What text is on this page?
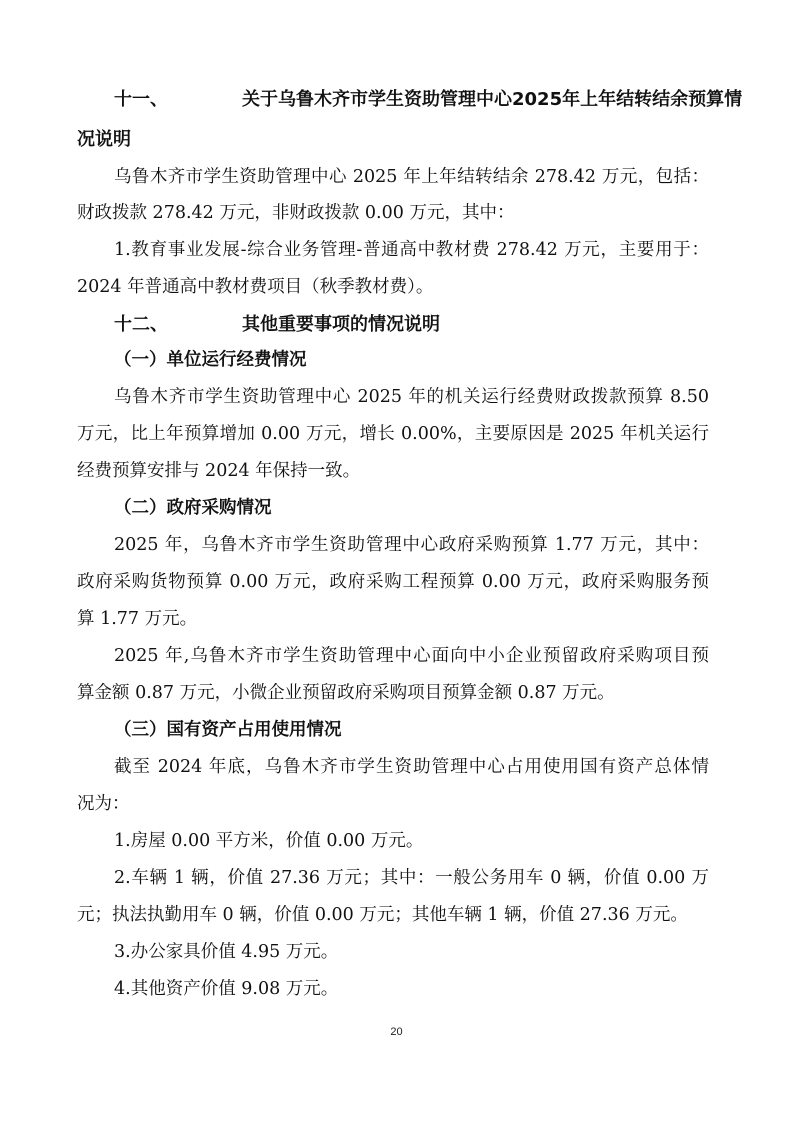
十一、	关于乌鲁木齐市学生资助管理中心2025年上年结转结余预算情
况说明
乌鲁木齐市学生资助管理中心 2025 年上年结转结余 278.42 万元，包括：
财政拨款 278.42 万元，非财政拨款 0.00 万元，其中：
1.教育事业发展-综合业务管理-普通高中教材费 278.42 万元，主要用于：
2024 年普通高中教材费项目（秋季教材费）。
十二、	其他重要事项的情况说明
（一）单位运行经费情况
乌鲁木齐市学生资助管理中心 2025 年的机关运行经费财政拨款预算 8.50
万元，比上年预算增加 0.00 万元，增长 0.00%，主要原因是 2025 年机关运行
经费预算安排与 2024 年保持一致。
（二）政府采购情况
2025 年，乌鲁木齐市学生资助管理中心政府采购预算 1.77 万元，其中：
政府采购货物预算 0.00 万元，政府采购工程预算 0.00 万元，政府采购服务预
算 1.77 万元。
2025 年,乌鲁木齐市学生资助管理中心面向中小企业预留政府采购项目预
算金额 0.87 万元，小微企业预留政府采购项目预算金额 0.87 万元。
（三）国有资产占用使用情况
截至 2024 年底，乌鲁木齐市学生资助管理中心占用使用国有资产总体情
况为：
1.房屋 0.00 平方米，价值 0.00 万元。
2.车辆 1 辆，价值 27.36 万元；其中：一般公务用车 0 辆，价值 0.00 万
元；执法执勤用车 0 辆，价值 0.00 万元；其他车辆 1 辆，价值 27.36 万元。
3.办公家具价值 4.95 万元。
4.其他资产价值 9.08 万元。
20
